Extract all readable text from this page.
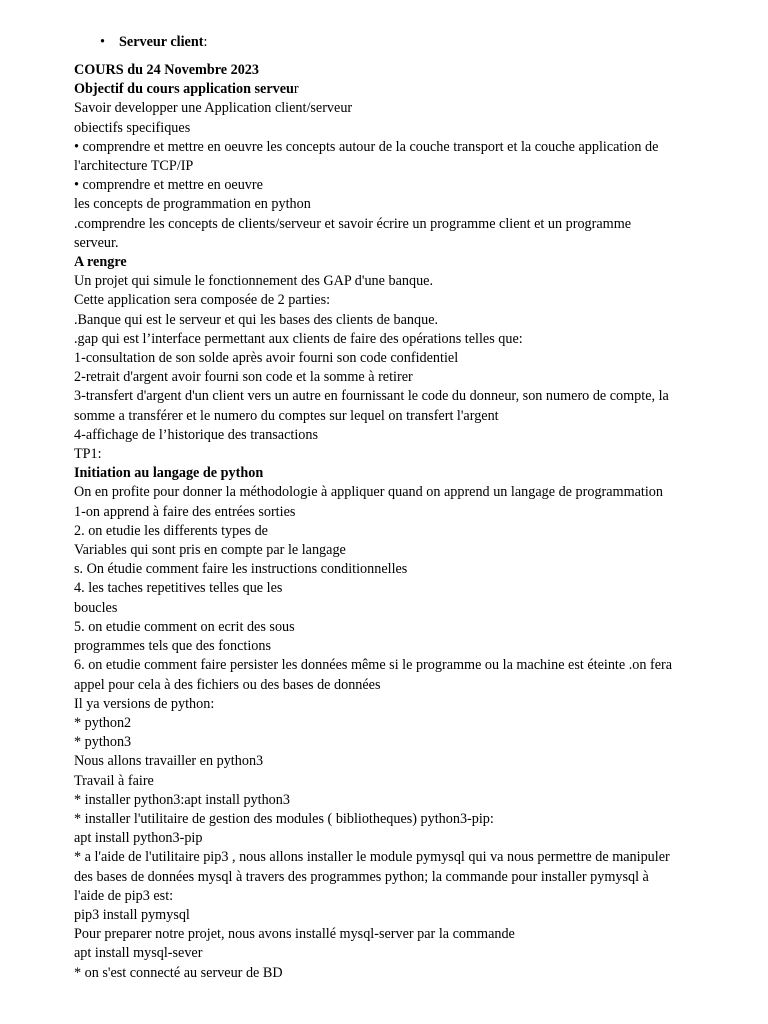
• Serveur client:
COURS du 24 Novembre 2023
Objectif du cours application serveur
Savoir developper une Application client/serveur
obiectifs specifiques
• comprendre et mettre en oeuvre les concepts autour de la couche transport et la couche application de
l'architecture TCP/IP
• comprendre et mettre en oeuvre
les concepts de programmation en python
.comprendre les concepts de clients/serveur et savoir écrire un programme client et un programme
serveur.
A rengre
Un projet qui simule le fonctionnement des GAP d'une banque.
Cette application sera composée de 2 parties:
.Banque qui est le serveur et qui les bases des clients de banque.
.gap qui est l’interface permettant aux clients de faire des opérations telles que:
1-consultation de son solde après avoir fourni son code confidentiel
2-retrait d'argent avoir fourni son code et la somme à retirer
3-transfert d'argent d'un client vers un autre en fournissant le code du donneur, son numero de compte, la
somme a transférer et le numero du comptes sur lequel on transfert l'argent
4-affichage de l’historique des transactions
TP1:
Initiation au langage de python
On en profite pour donner la méthodologie à appliquer quand on apprend un langage de programmation
1-on apprend à faire des entrées sorties
2. on etudie les differents types de
Variables qui sont pris en compte par le langage
s. On étudie comment faire les instructions conditionnelles
4. les taches repetitives telles que les
boucles
5. on etudie comment on ecrit des sous
programmes tels que des fonctions
6. on etudie comment faire persister les données même si le programme ou la machine est éteinte .on fera
appel pour cela à des fichiers ou des bases de données
Il ya versions de python:
* python2
* python3
Nous allons travailler en python3
Travail à faire
* installer python3:apt install python3
* installer l'utilitaire de gestion des modules ( bibliotheques) python3-pip:
apt install python3-pip
* a l'aide de l'utilitaire pip3 , nous allons installer le module pymysql qui va nous permettre de manipuler
des bases de données mysql à travers des programmes python; la commande pour installer pymysql à
l'aide de pip3 est:
pip3 install pymysql
Pour preparer notre projet, nous avons installé mysql-server par la commande
apt install mysql-sever
* on s'est connecté au serveur de BD
